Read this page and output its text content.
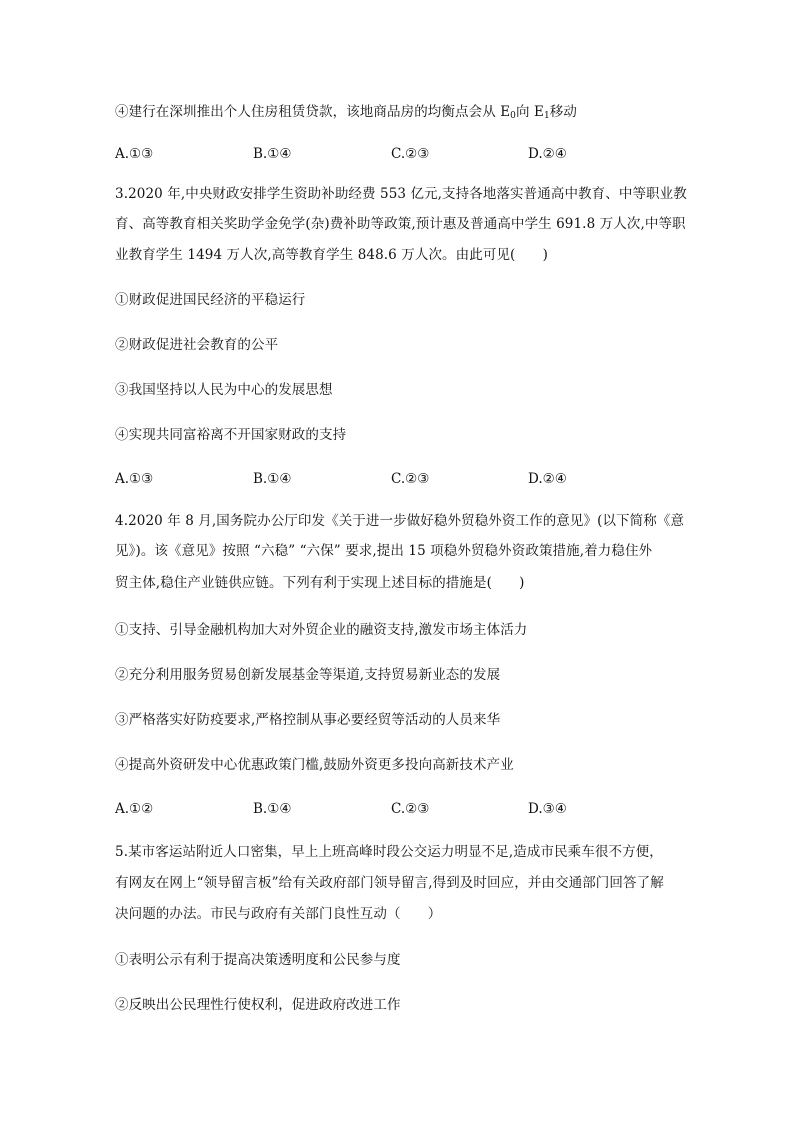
④建行在深圳推出个人住房租赁贷款，该地商品房的均衡点会从 $E_0$向 $E_1$移动
A.①③	B.①④	C.②③	D.②④
3.2020 年,中央财政安排学生资助补助经费 553 亿元,支持各地落实普通高中教育、中等职业教
育、高等教育相关奖助学金免学(杂)费补助等政策,预计惠及普通高中学生 691.8 万人次,中等职
业教育学生 1494 万人次,高等教育学生 848.6 万人次。由此可见(　　)
①财政促进国民经济的平稳运行
②财政促进社会教育的公平
③我国坚持以人民为中心的发展思想
④实现共同富裕离不开国家财政的支持
A.①③	B.①④	C.②③	D.②④
4.2020 年 8 月,国务院办公厅印发《关于进一步做好稳外贸稳外资工作的意见》(以下简称《意
见》)。该《意见》按照 “六稳” “六保” 要求,提出 15 项稳外贸稳外资政策措施,着力稳住外
贸主体,稳住产业链供应链。下列有利于实现上述目标的措施是(　　)
①支持、引导金融机构加大对外贸企业的融资支持,激发市场主体活力
②充分利用服务贸易创新发展基金等渠道,支持贸易新业态的发展
③严格落实好防疫要求,严格控制从事必要经贸等活动的人员来华
④提高外资研发中心优惠政策门槛,鼓励外资更多投向高新技术产业
A.①②	B.①④	C.②③	D.③④
5.某市客运站附近人口密集，早上上班高峰时段公交运力明显不足,造成市民乘车很不方便，
有网友在网上“领导留言板”给有关政府部门领导留言,得到及时回应，并由交通部门回答了解
决问题的办法。市民与政府有关部门良性互动（　　）
①表明公示有利于提高决策透明度和公民参与度
②反映出公民理性行使权利，促进政府改进工作
